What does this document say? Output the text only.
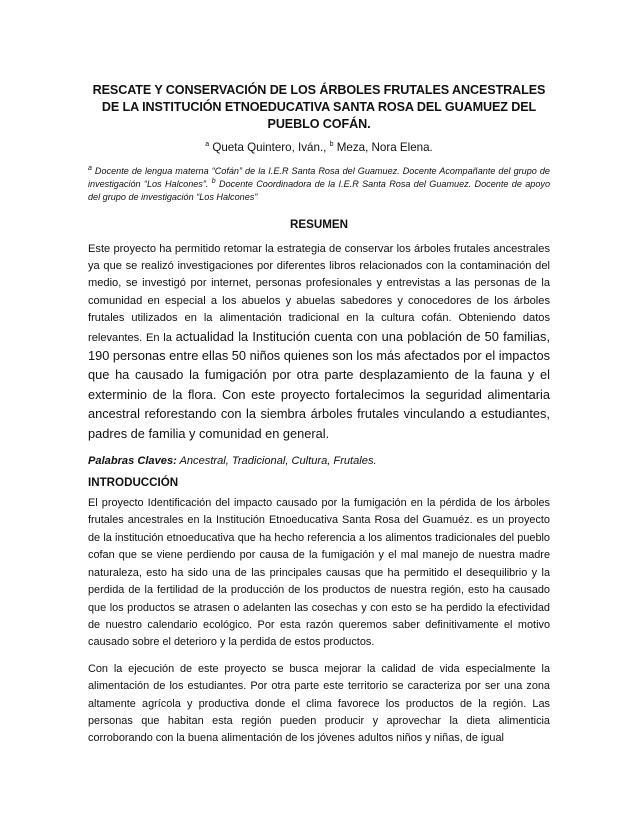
RESCATE Y CONSERVACIÓN DE LOS ÁRBOLES FRUTALES ANCESTRALES DE LA INSTITUCIÓN ETNOEDUCATIVA SANTA ROSA DEL GUAMUEZ DEL PUEBLO COFÁN.

$^a$ Queta Quintero, Iván., $^b$ Meza, Nora Elena.

$^a$ Docente de lengua materna “Cofán” de la I.E.R Santa Rosa del Guamuez. Docente Acompañante del grupo de investigación “Los Halcones”. $^b$ Docente Coordinadora de la I.E.R Santa Rosa del Guamuez. Docente de apoyo del grupo de investigación “Los Halcones”

RESUMEN

Este proyecto ha permitido retomar la estrategia de conservar los árboles frutales ancestrales ya que se realizó investigaciones por diferentes libros relacionados con la contaminación del medio, se investigó por internet, personas profesionales y entrevistas a las personas de la comunidad en especial a los abuelos y abuelas sabedores y conocedores de los árboles frutales utilizados en la alimentación tradicional en la cultura cofán. Obteniendo datos relevantes. En la actualidad la Institución cuenta con una población de 50 familias, 190 personas entre ellas 50 niños quienes son los más afectados por el impactos que ha causado la fumigación por otra parte desplazamiento de la fauna y el exterminio de la flora. Con este proyecto fortalecimos la seguridad alimentaria ancestral reforestando con la siembra árboles frutales vinculando a estudiantes, padres de familia y comunidad en general.

Palabras Claves: Ancestral, Tradicional, Cultura, Frutales.

INTRODUCCIÓN

El proyecto Identificación del impacto causado por la fumigación en la pérdida de los árboles frutales ancestrales en la Institución Etnoeducativa Santa Rosa del Guamuéz. es un proyecto de la institución etnoeducativa que ha hecho referencia a los alimentos tradicionales del pueblo cofan que se viene perdiendo por causa de la fumigación y el mal manejo de nuestra madre naturaleza, esto ha sido una de las principales causas que ha permitido el desequilibrio y la perdida de la fertilidad de la producción de los productos de nuestra región, esto ha causado que los productos se atrasen o adelanten las cosechas y con esto se ha perdido la efectividad de nuestro calendario ecológico. Por esta razón queremos saber definitivamente el motivo causado sobre el deterioro y la perdida de estos productos.

Con la ejecución de este proyecto se busca mejorar la calidad de vida especialmente la alimentación de los estudiantes. Por otra parte este territorio se caracteriza por ser una zona altamente agrícola y productiva donde el clima favorece los productos de la región. Las personas que habitan esta región pueden producir y aprovechar la dieta alimenticia corroborando con la buena alimentación de los jóvenes adultos niños y niñas, de igual
